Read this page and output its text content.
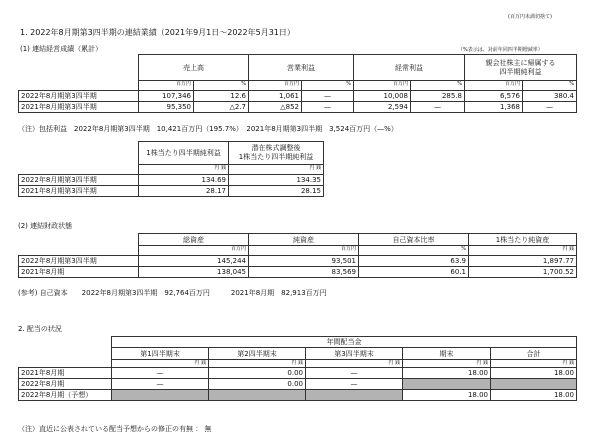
(百万円未満切捨て)
1. 2022年8月期第3四半期の連結業績（2021年9月1日～2022年5月31日）
(1) 連結経営成績（累計）	（%表示は、対前年同四半期増減率）
	売上高		営業利益		経常利益		親会社株主に帰属する
四半期純利益	
	百万円	%	百万円	%	百万円	%	百万円	%
2022年8月期第3四半期	107,346	12.6	1,061	—	10,008	285.8	6,576	380.4
2021年8月期第3四半期	95,350	△2.7	△852	—	2,594	—	1,368	—
（注）包括利益　2022年8月期第3四半期　10,421百万円（195.7%）　2021年8月期第3四半期　3,524百万円（―%）
	1株当たり四半期純利益	潜在株式調整後
1株当たり四半期純利益
	円 銭	円 銭
2022年8月期第3四半期	134.69	134.35
2021年8月期第3四半期	28.17	28.15
(2) 連結財政状態
	総資産	純資産	自己資本比率	1株当たり純資産
	百万円	百万円	%	円 銭
2022年8月期第3四半期	145,244	93,501	63.9	1,897.77
2021年8月期	138,045	83,569	60.1	1,700.52
(参考) 自己資本　　2022年8月期第3四半期　92,764百万円　　　2021年8月期　82,913百万円
2. 配当の状況
	年間配当金				
	第1四半期末	第2四半期末	第3四半期末	期末	合計
	円 銭	円 銭	円 銭	円 銭	円 銭
2021年8月期	—	0.00	—	18.00	18.00
2022年8月期	—	0.00	—		
2022年8月期（予想）				18.00	18.00
（注）直近に公表されている配当予想からの修正の有無 ： 無
